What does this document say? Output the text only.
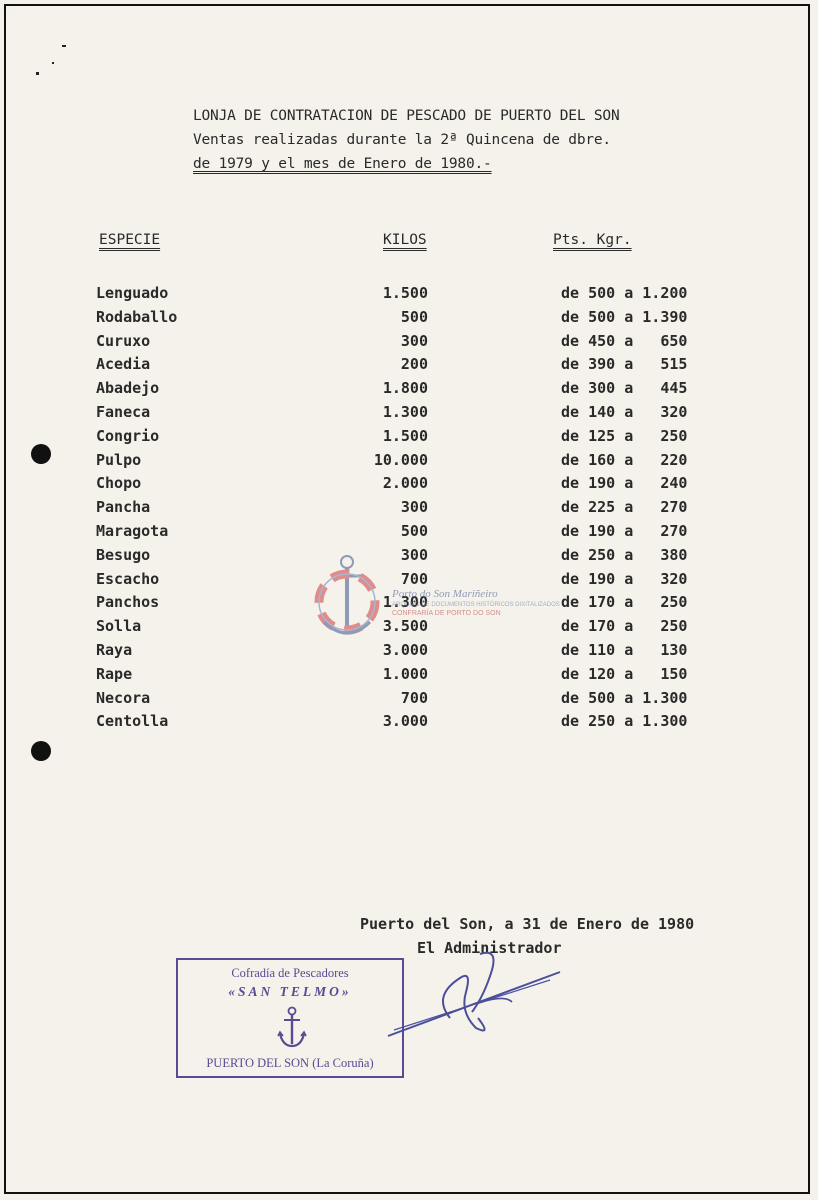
LONJA DE CONTRATACION DE PESCADO DE PUERTO DEL SON
Ventas realizadas durante la 2ª Quincena de dbre.
de 1979 y el mes de Enero de 1980.-
ESPECIE	KILOS	Pts. Kgr.
Lenguado	1.500	de 500 a 1.200
Rodaballo	500	de 500 a 1.390
Curuxo	300	de 450 a   650
Acedia	200	de 390 a   515
Abadejo	1.800	de 300 a   445
Faneca	1.300	de 140 a   320
Congrio	1.500	de 125 a   250
Pulpo	10.000	de 160 a   220
Chopo	2.000	de 190 a   240
Pancha	300	de 225 a   270
Maragota	500	de 190 a   270
Besugo	300	de 250 a   380
Escacho	700	de 190 a   320
Panchos	1.300	de 170 a   250
Solla	3.500	de 170 a   250
Raya	3.000	de 110 a   130
Rape	1.000	de 120 a   150
Necora	700	de 500 a 1.300
Centolla	3.000	de 250 a 1.300
Puerto del Son, a 31 de Enero de 1980
El Administrador
Porto do Son Mariñeiro
ARQUIVO DE DOCUMENTOS HISTÓRICOS DIXITALIZADOS
CONFRARÍA DE PORTO DO SON
Cofradía de Pescadores
«SAN TELMO»
PUERTO DEL SON (La Coruña)
